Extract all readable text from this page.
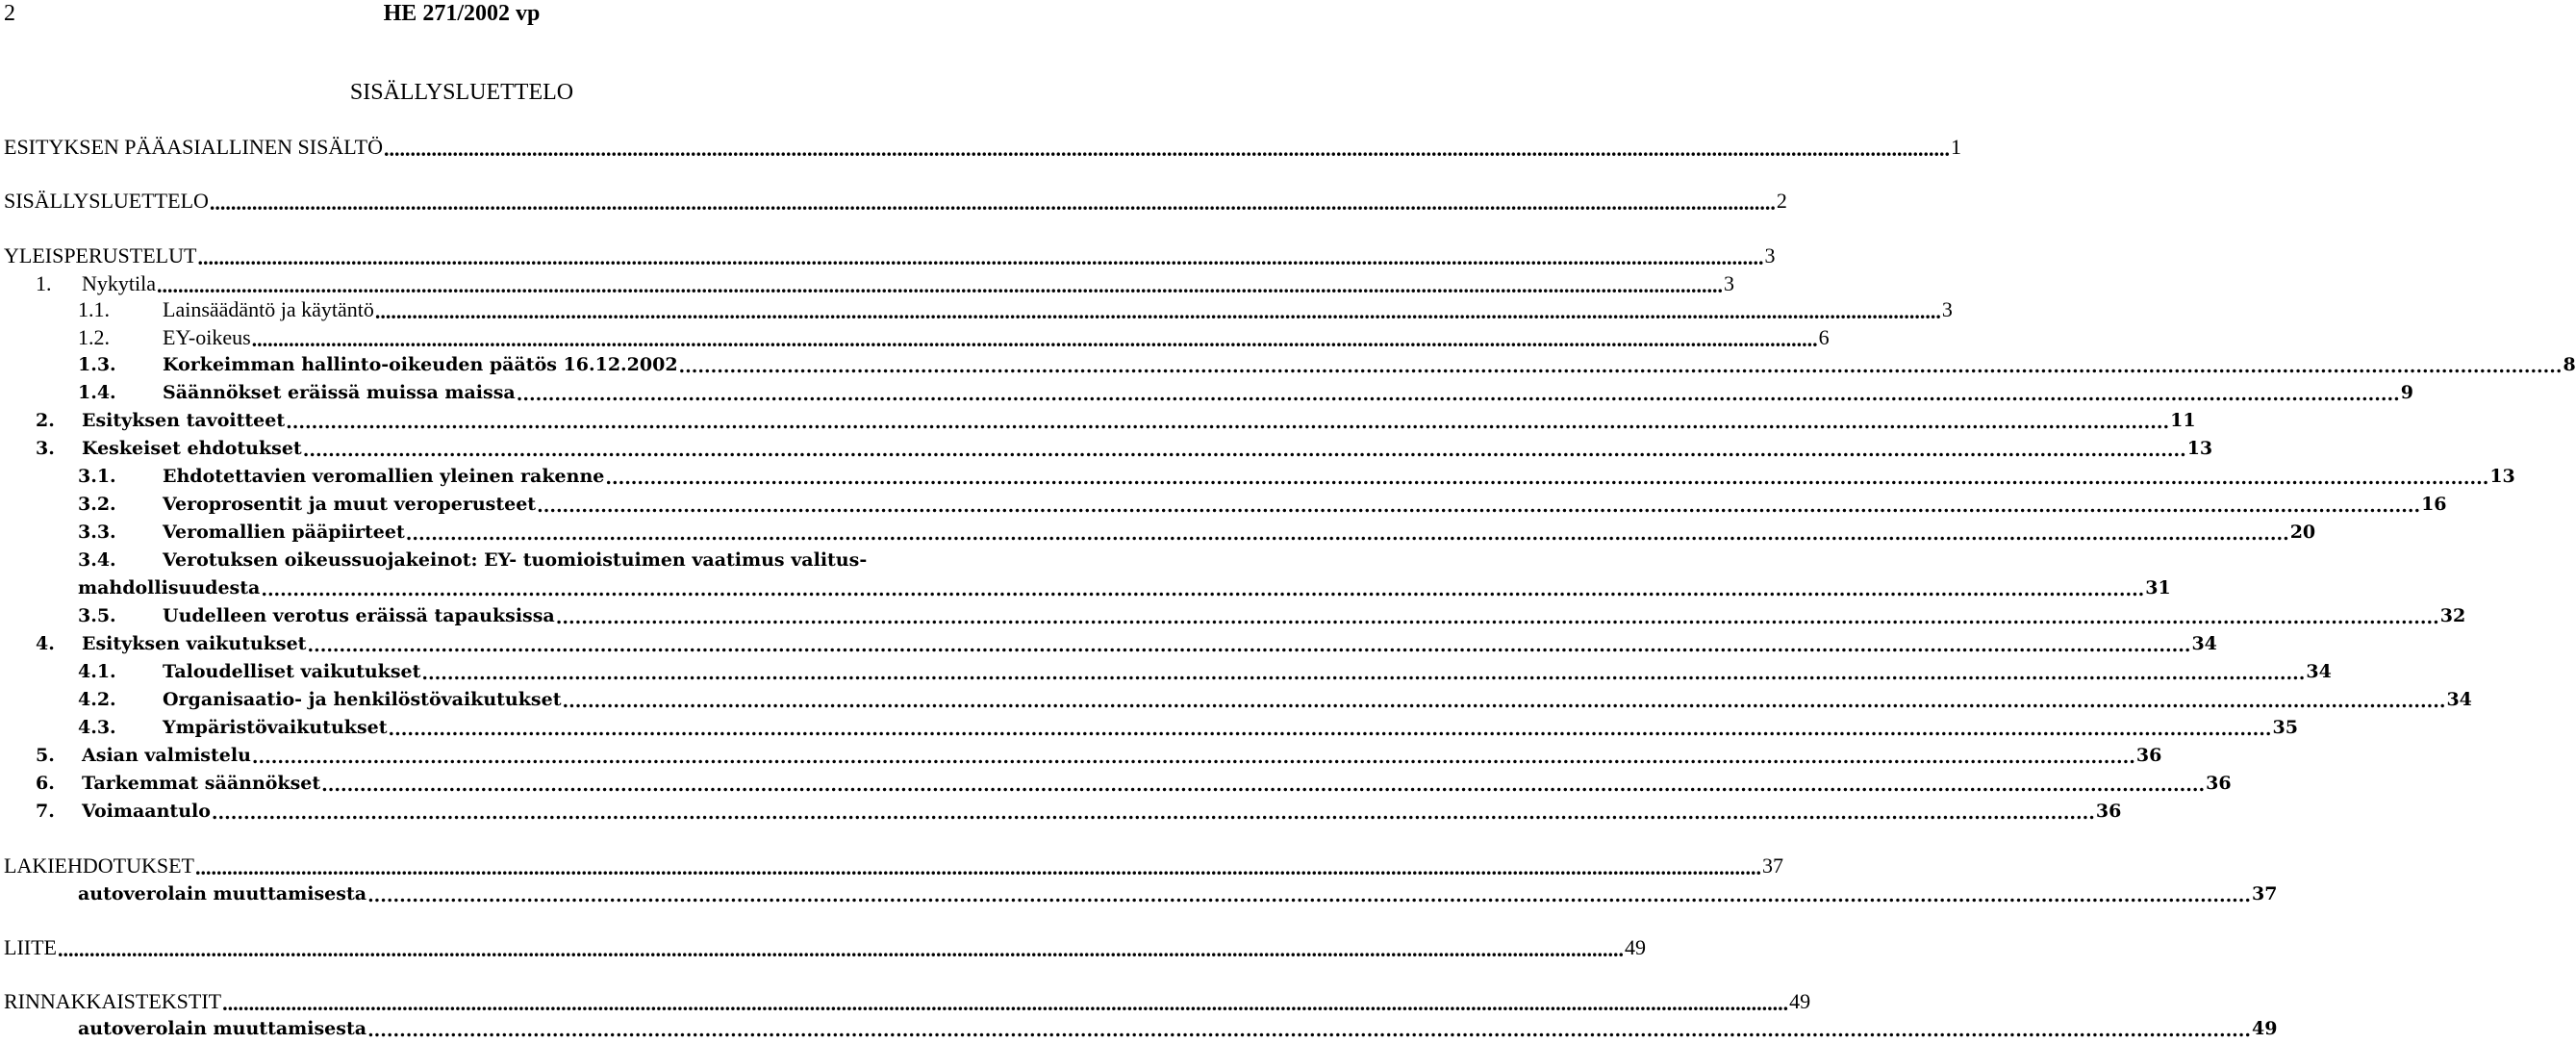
2	HE 271/2002 vp
SISÄLLYSLUETTELO
ESITYKSEN PÄÄASIALLINEN SISÄLTÖ .....	1
SISÄLLYSLUETTELO .....	2
YLEISPERUSTELUT .....	3
1.	Nykytila .....	3
1.1.	Lainsäädäntö ja käytäntö .....	3
1.2.	EY-oikeus .....	6
1.3.	Korkeimman hallinto-oikeuden päätös 16.12.2002 .....	8
1.4.	Säännökset eräissä muissa maissa .....	9
2.	Esityksen tavoitteet .....	11
3.	Keskeiset ehdotukset .....	13
3.1.	Ehdotettavien veromallien yleinen rakenne .....	13
3.2.	Veroprosentit ja muut veroperusteet .....	16
3.3.	Veromallien pääpiirteet .....	20
3.4.	Verotuksen oikeussuojakeinot: EY- tuomioistuimen vaatimus valitus-
mahdollisuudesta .....	31
3.5.	Uudelleen verotus eräissä tapauksissa .....	32
4.	Esityksen vaikutukset .....	34
4.1.	Taloudelliset vaikutukset .....	34
4.2.	Organisaatio- ja henkilöstövaikutukset .....	34
4.3.	Ympäristövaikutukset .....	35
5.	Asian valmistelu .....	36
6.	Tarkemmat säännökset .....	36
7.	Voimaantulo .....	36
LAKIEHDOTUKSET .....	37
autoverolain muuttamisesta .....	37
LIITE .....	49
RINNAKKAISTEKSTIT .....	49
autoverolain muuttamisesta .....	49
